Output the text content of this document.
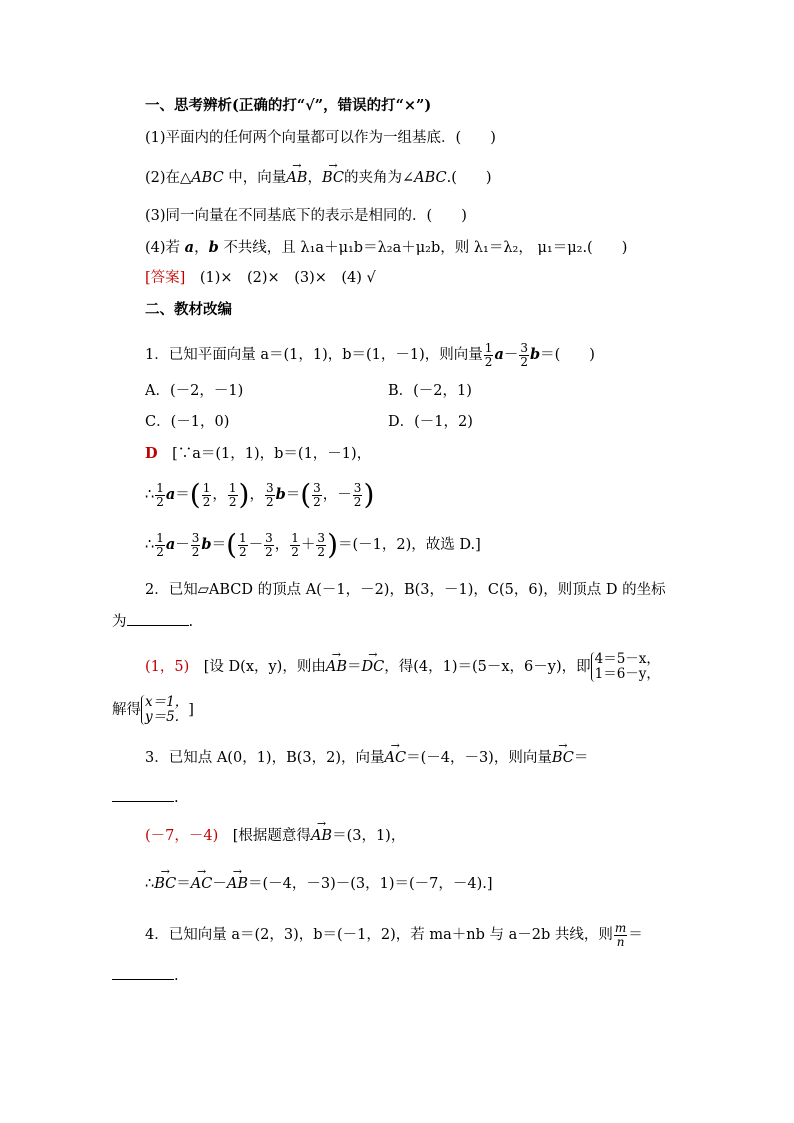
一、思考辨析(正确的打“√”，错误的打“×”)
(1)平面内的任何两个向量都可以作为一组基底．(　　)
(2)在△ABC 中，向量→ AB，→ BC的夹角为∠ABC.(　　)
(3)同一向量在不同基底下的表示是相同的．(　　)
(4)若 a，b 不共线，且 λ₁a＋μ₁b＝λ₂a＋μ₂b，则 λ₁＝λ₂， μ₁＝μ₂.(　　)
[答案]　 (1)×　(2)×　(3)×　(4) √
二、教材改编
1．已知平面向量 a＝(1，1)，b＝(1，－1)，则向量 $\frac{1}{2} a- \frac{3}{2} b=$(　　)
A．(－2，－1)	B．(－2，1)
C．(－1，0)	D．(－1，2)
D　 [∵a＝(1，1)，b＝(1，－1)，
∴ $\frac{1}{2} a=( \frac{1}{2}$ ， $\frac{1}{2}$ )， $\frac{3}{2} b=( \frac{3}{2}$ ，－ $\frac{3}{2}$ )
∴ $\frac{1}{2} a- \frac{3}{2} b=( \frac{1}{2} - \frac{3}{2}$ ， $\frac{1}{2} + \frac{3}{2} )=(-1$，2)，故选 D.]
2．已知▱ABCD 的顶点 A(－1，－2)，B(3，－1)，C(5，6)，则顶点 D 的坐标
为	.
(1，5)　 [设 D(x，y)，则由→ AB＝→ DC，得(4，1)＝(5－x，6－y)，即 4＝5－x，
1＝6－y，
解得 x＝1，
y＝5. ]
3．已知点 A(0，1)，B(3，2)，向量→ AC＝(－4，－3)，则向量→ BC＝
.
(－7，－4)　 [根据题意得→ AB＝(3，1)，
∴→ BC＝→ AC－→ AB＝(－4，－3)－(3，1)＝(－7，－4).]
4．已知向量 a＝(2，3)，b＝(－1，2)，若 ma＋nb 与 a－2b 共线，则 $\frac{m}{n}$ ＝
.
